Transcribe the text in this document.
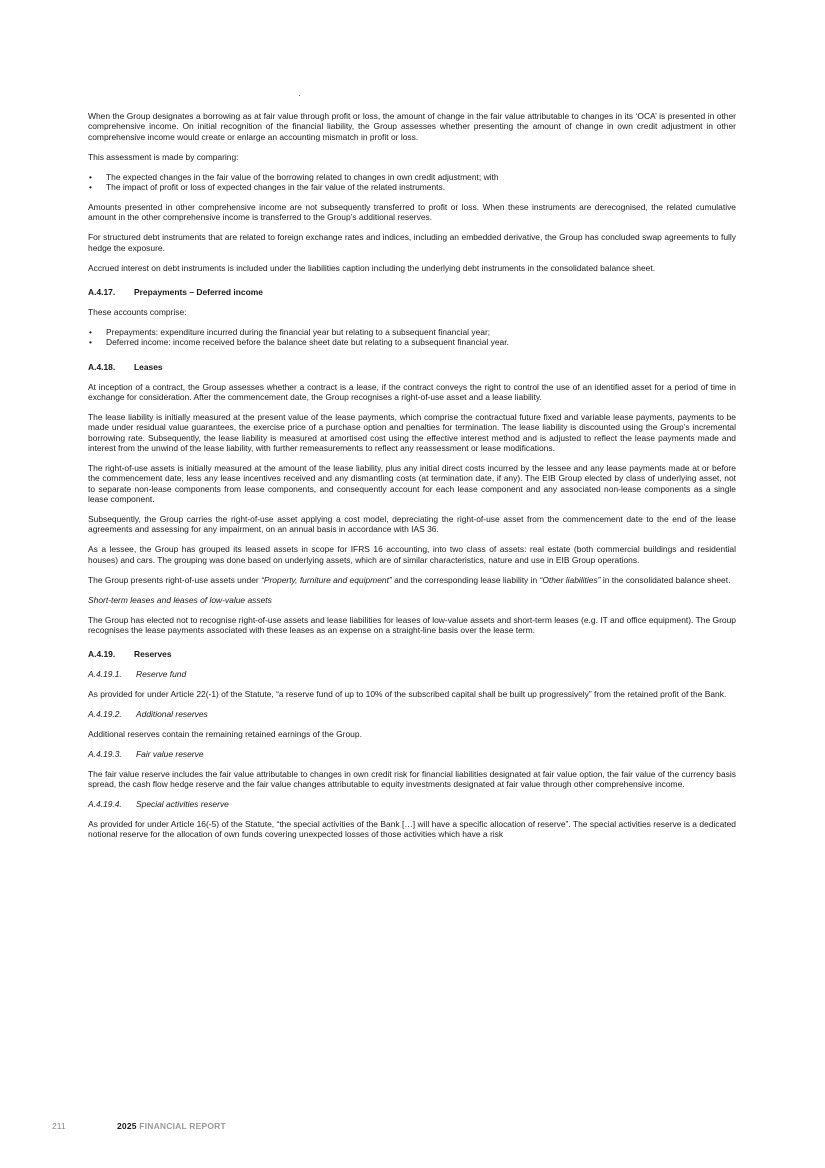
When the Group designates a borrowing as at fair value through profit or loss, the amount of change in the fair value attributable to changes in its ‘OCA’ is presented in other comprehensive income. On initial recognition of the financial liability, the Group assesses whether presenting the amount of change in own credit adjustment in other comprehensive income would create or enlarge an accounting mismatch in profit or loss.

This assessment is made by comparing:

• The expected changes in the fair value of the borrowing related to changes in own credit adjustment; with
• The impact of profit or loss of expected changes in the fair value of the related instruments.

Amounts presented in other comprehensive income are not subsequently transferred to profit or loss. When these instruments are derecognised, the related cumulative amount in the other comprehensive income is transferred to the Group’s additional reserves.

For structured debt instruments that are related to foreign exchange rates and indices, including an embedded derivative, the Group has concluded swap agreements to fully hedge the exposure.

Accrued interest on debt instruments is included under the liabilities caption including the underlying debt instruments in the consolidated balance sheet.

A.4.17. Prepayments – Deferred income

These accounts comprise:

• Prepayments: expenditure incurred during the financial year but relating to a subsequent financial year;
• Deferred income: income received before the balance sheet date but relating to a subsequent financial year.
A.4.18. Leases

At inception of a contract, the Group assesses whether a contract is a lease, if the contract conveys the right to control the use of an identified asset for a period of time in exchange for consideration. After the commencement date, the Group recognises a right-of-use asset and a lease liability.

The lease liability is initially measured at the present value of the lease payments, which comprise the contractual future fixed and variable lease payments, payments to be made under residual value guarantees, the exercise price of a purchase option and penalties for termination. The lease liability is discounted using the Group’s incremental borrowing rate. Subsequently, the lease liability is measured at amortised cost using the effective interest method and is adjusted to reflect the lease payments made and interest from the unwind of the lease liability, with further remeasurements to reflect any reassessment or lease modifications.

The right-of-use assets is initially measured at the amount of the lease liability, plus any initial direct costs incurred by the lessee and any lease payments made at or before the commencement date, less any lease incentives received and any dismantling costs (at termination date, if any). The EIB Group elected by class of underlying asset, not to separate non-lease components from lease components, and consequently account for each lease component and any associated non-lease components as a single lease component.

Subsequently, the Group carries the right-of-use asset applying a cost model, depreciating the right-of-use asset from the commencement date to the end of the lease agreements and assessing for any impairment, on an annual basis in accordance with IAS 36.

As a lessee, the Group has grouped its leased assets in scope for IFRS 16 accounting, into two class of assets: real estate (both commercial buildings and residential houses) and cars. The grouping was done based on underlying assets, which are of similar characteristics, nature and use in EIB Group operations.

The Group presents right-of-use assets under “Property, furniture and equipment” and the corresponding lease liability in “Other liabilities” in the consolidated balance sheet.

Short-term leases and leases of low-value assets

The Group has elected not to recognise right-of-use assets and lease liabilities for leases of low-value assets and short-term leases (e.g. IT and office equipment). The Group recognises the lease payments associated with these leases as an expense on a straight-line basis over the lease term.

A.4.19. Reserves
A.4.19.1. Reserve fund

As provided for under Article 22(-1) of the Statute, “a reserve fund of up to 10% of the subscribed capital shall be built up progressively” from the retained profit of the Bank.

A.4.19.2. Additional reserves

Additional reserves contain the remaining retained earnings of the Group.

A.4.19.3. Fair value reserve

The fair value reserve includes the fair value attributable to changes in own credit risk for financial liabilities designated at fair value option, the fair value of the currency basis spread, the cash flow hedge reserve and the fair value changes attributable to equity investments designated at fair value through other comprehensive income.

A.4.19.4. Special activities reserve

As provided for under Article 16(-5) of the Statute, “the special activities of the Bank […] will have a specific allocation of reserve”. The special activities reserve is a dedicated notional reserve for the allocation of own funds covering unexpected losses of those activities which have a risk

211	2025 FINANCIAL REPORT
